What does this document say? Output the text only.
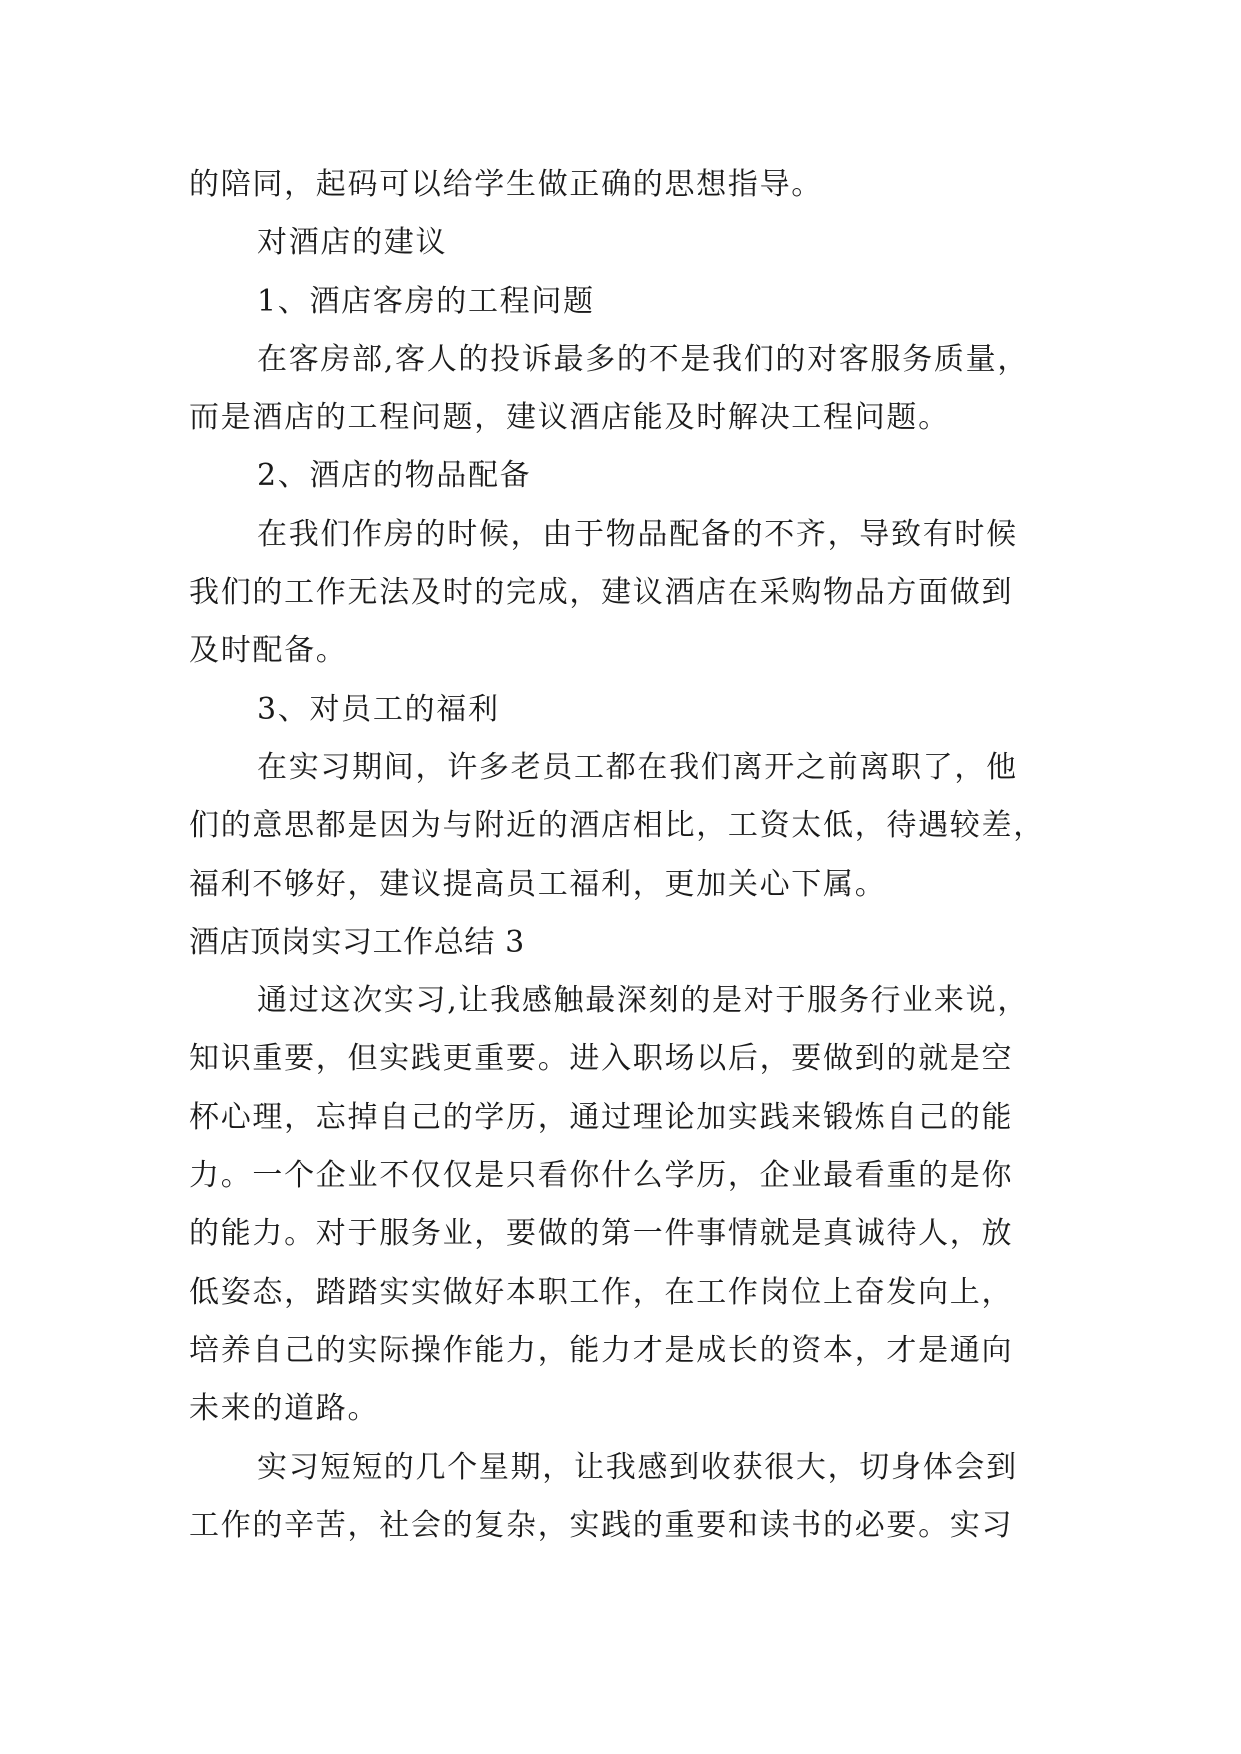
的陪同，起码可以给学生做正确的思想指导。
对酒店的建议
1、酒店客房的工程问题
在客房部,客人的投诉最多的不是我们的对客服务质量，
而是酒店的工程问题，建议酒店能及时解决工程问题。
2、酒店的物品配备
在我们作房的时候，由于物品配备的不齐，导致有时候
我们的工作无法及时的完成，建议酒店在采购物品方面做到
及时配备。
3、对员工的福利
在实习期间，许多老员工都在我们离开之前离职了，他
们的意思都是因为与附近的酒店相比，工资太低，待遇较差，
福利不够好，建议提高员工福利，更加关心下属。
酒店顶岗实习工作总结 3
通过这次实习,让我感触最深刻的是对于服务行业来说，
知识重要，但实践更重要。进入职场以后，要做到的就是空
杯心理，忘掉自己的学历，通过理论加实践来锻炼自己的能
力。一个企业不仅仅是只看你什么学历，企业最看重的是你
的能力。对于服务业，要做的第一件事情就是真诚待人，放
低姿态，踏踏实实做好本职工作，在工作岗位上奋发向上，
培养自己的实际操作能力，能力才是成长的资本，才是通向
未来的道路。
实习短短的几个星期，让我感到收获很大，切身体会到
工作的辛苦，社会的复杂，实践的重要和读书的必要。实习
